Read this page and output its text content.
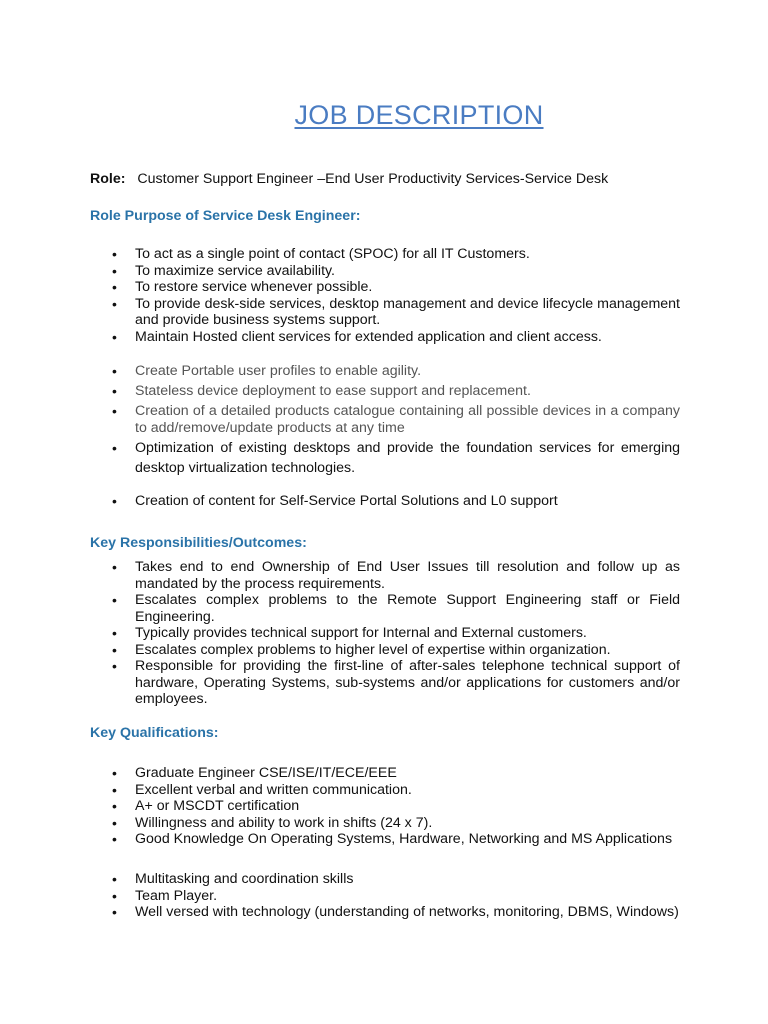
JOB DESCRIPTION
Role: Customer Support Engineer –End User Productivity Services-Service Desk
Role Purpose of Service Desk Engineer:
• To act as a single point of contact (SPOC) for all IT Customers.
• To maximize service availability.
• To restore service whenever possible.
• To provide desk-side services, desktop management and device lifecycle management and provide business systems support.
• Maintain Hosted client services for extended application and client access.
• Create Portable user profiles to enable agility.
• Stateless device deployment to ease support and replacement.
• Creation of a detailed products catalogue containing all possible devices in a company to add/remove/update products at any time
• Optimization of existing desktops and provide the foundation services for emerging desktop virtualization technologies.
• Creation of content for Self-Service Portal Solutions and L0 support
Key Responsibilities/Outcomes:
• Takes end to end Ownership of End User Issues till resolution and follow up as mandated by the process requirements.
• Escalates complex problems to the Remote Support Engineering staff or Field Engineering.
• Typically provides technical support for Internal and External customers.
• Escalates complex problems to higher level of expertise within organization.
• Responsible for providing the first-line of after-sales telephone technical support of hardware, Operating Systems, sub-systems and/or applications for customers and/or employees.
Key Qualifications:
• Graduate Engineer CSE/ISE/IT/ECE/EEE
• Excellent verbal and written communication.
• A+ or MSCDT certification
• Willingness and ability to work in shifts (24 x 7).
• Good Knowledge On Operating Systems, Hardware, Networking and MS Applications
• Multitasking and coordination skills
• Team Player.
• Well versed with technology (understanding of networks, monitoring, DBMS, Windows)
